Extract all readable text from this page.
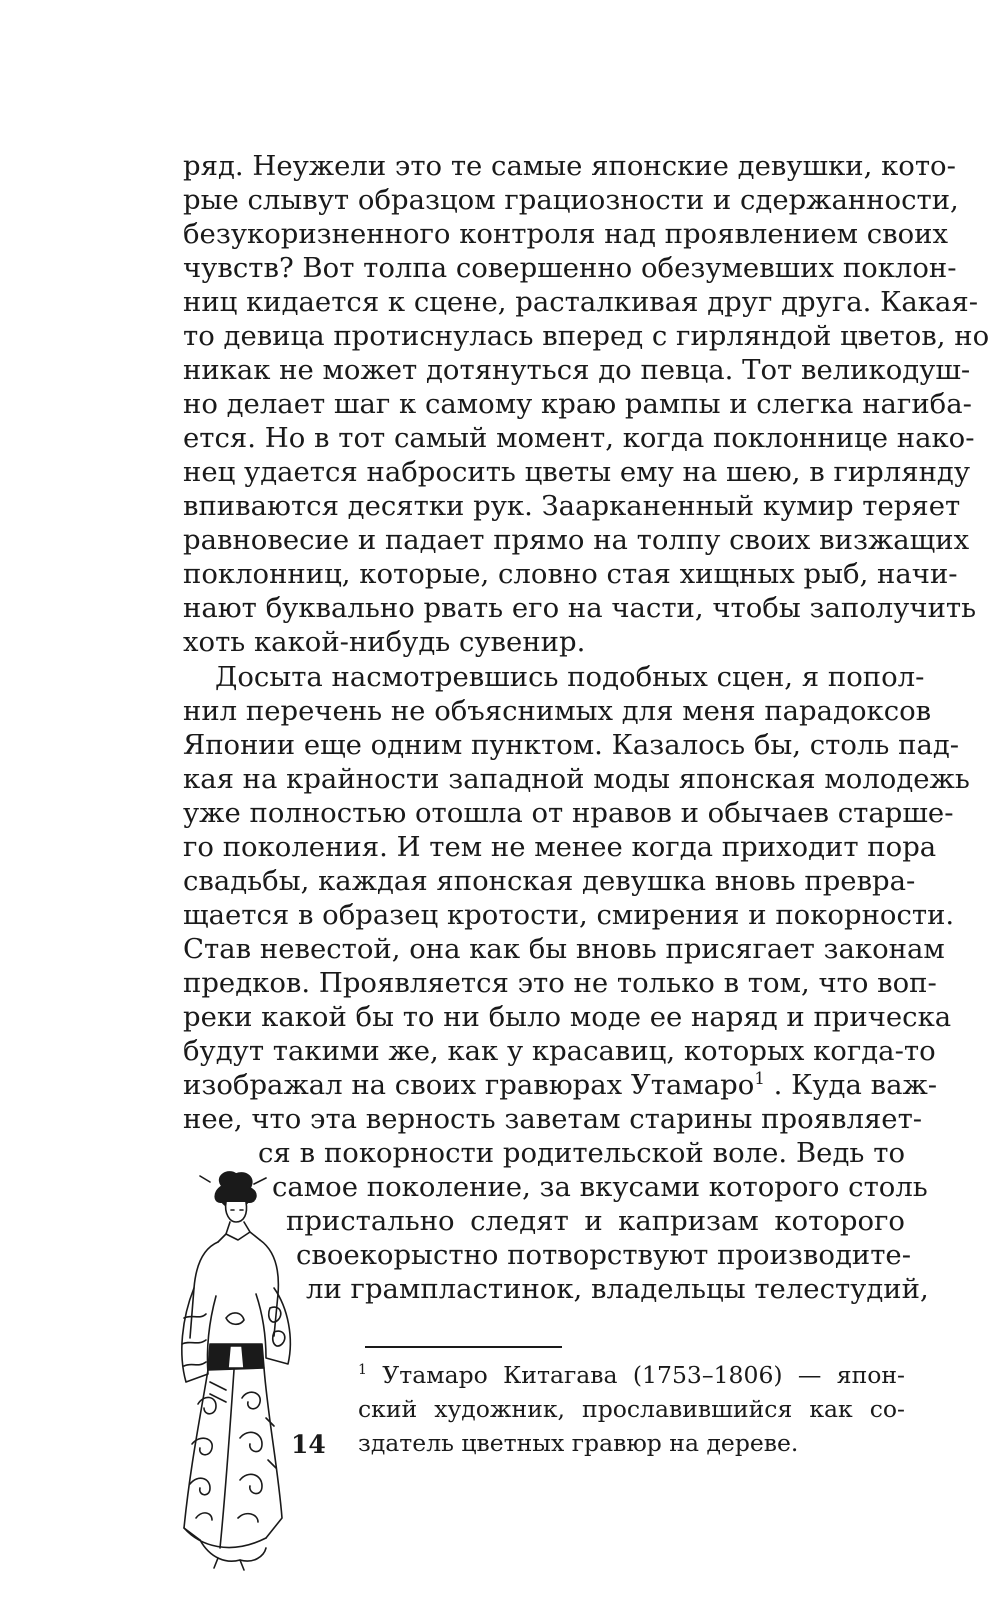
ряд. Неужели это те самые японские девушки, кото-
рые слывут образцом грациозности и сдержанности,
безукоризненного контроля над проявлением своих
чувств? Вот толпа совершенно обезумевших поклон-
ниц кидается к сцене, расталкивая друг друга. Какая-
то девица протиснулась вперед с гирляндой цветов, но
никак не может дотянуться до певца. Тот великодуш-
но делает шаг к самому краю рампы и слегка нагиба-
ется. Но в тот самый момент, когда поклоннице нако-
нец удается набросить цветы ему на шею, в гирлянду
впиваются десятки рук. Заарканенный кумир теряет
равновесие и падает прямо на толпу своих визжащих
поклонниц, которые, словно стая хищных рыб, начи-
нают буквально рвать его на части, чтобы заполучить
хоть какой-нибудь сувенир.
Досыта насмотревшись подобных сцен, я попол-
нил перечень не объяснимых для меня парадоксов
Японии еще одним пунктом. Казалось бы, столь пад-
кая на крайности западной моды японская молодежь
уже полностью отошла от нравов и обычаев старше-
го поколения. И тем не менее когда приходит пора
свадьбы, каждая японская девушка вновь превра-
щается в образец кротости, смирения и покорности.
Став невестой, она как бы вновь присягает законам
предков. Проявляется это не только в том, что воп-
реки какой бы то ни было моде ее наряд и прическа
будут такими же, как у красавиц, которых когда-то
изображал на своих гравюрах Утамаро$^1$ . Куда важ-
нее, что эта верность заветам старины проявляет-
ся в покорности родительской воле. Ведь то
самое поколение, за вкусами которого столь
пристально следят и капризам которого
своекорыстно потворствуют производите-
ли грампластинок, владельцы телестудий,
$^1$ Утамаро Китагава (1753–1806) — япон-
ский художник, прославившийся как со-
здатель цветных гравюр на дереве.
14
